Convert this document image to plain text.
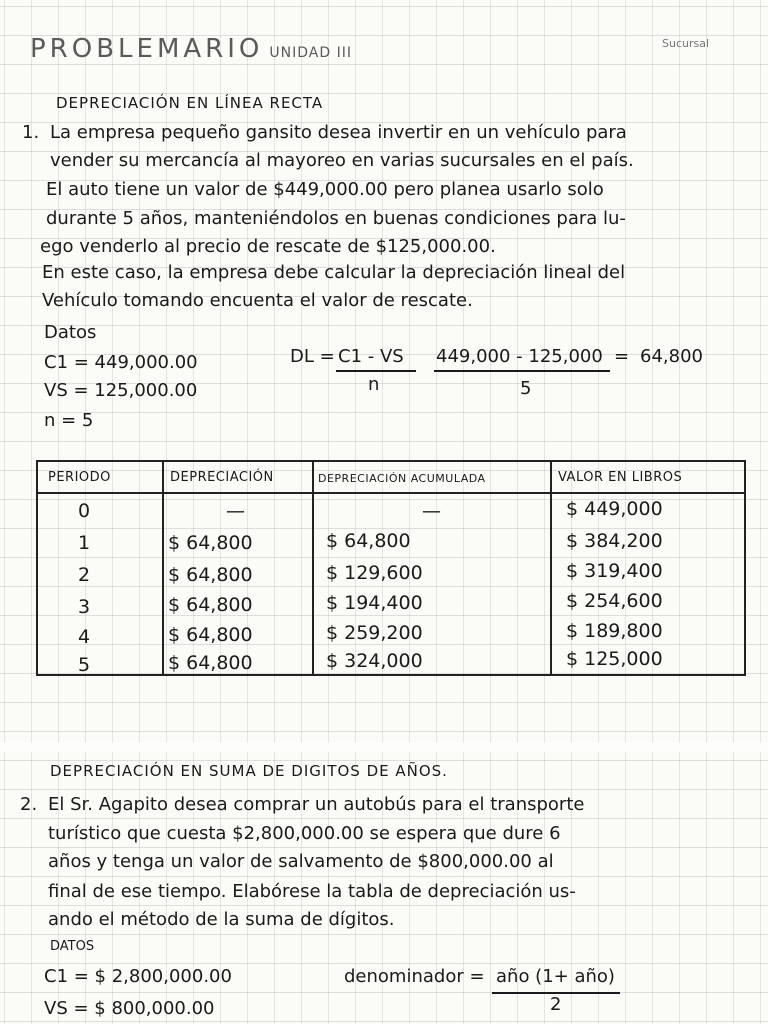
PROBLEMARIO UNIDAD III
Sucursal
DEPRECIACIÓN EN LÍNEA RECTA
1. La empresa pequeño gansito desea invertir en un vehículo para
vender su mercancía al mayoreo en varias sucursales en el país.
El auto tiene un valor de $449,000.00 pero planea usarlo solo
durante 5 años, manteniéndolos en buenas condiciones para lu-
ego venderlo al precio de rescate de $125,000.00.
En este caso, la empresa debe calcular la depreciación lineal del
Vehículo tomando encuenta el valor de rescate.
Datos
C1 = 449,000.00
VS = 125,000.00
n = 5
DL = C1 - VS
n
449,000 - 125,000
5
= 64,800
PERIODO	DEPRECIACIÓN	DEPRECIACIÓN ACUMULADA	VALOR EN LIBROS
0	—	—	$ 449,000
1	$ 64,800	$ 64,800	$ 384,200
2	$ 64,800	$ 129,600	$ 319,400
3	$ 64,800	$ 194,400	$ 254,600
4	$ 64,800	$ 259,200	$ 189,800
5	$ 64,800	$ 324,000	$ 125,000
DEPRECIACIÓN EN SUMA DE DIGITOS DE AÑOS.
2. El Sr. Agapito desea comprar un autobús para el transporte
turístico que cuesta $2,800,000.00 se espera que dure 6
años y tenga un valor de salvamento de $800,000.00 al
final de ese tiempo. Elabórese la tabla de depreciación us-
ando el método de la suma de dígitos.
DATOS
C1 = $ 2,800,000.00
VS = $ 800,000.00
denominador = año (1+ año)
2
